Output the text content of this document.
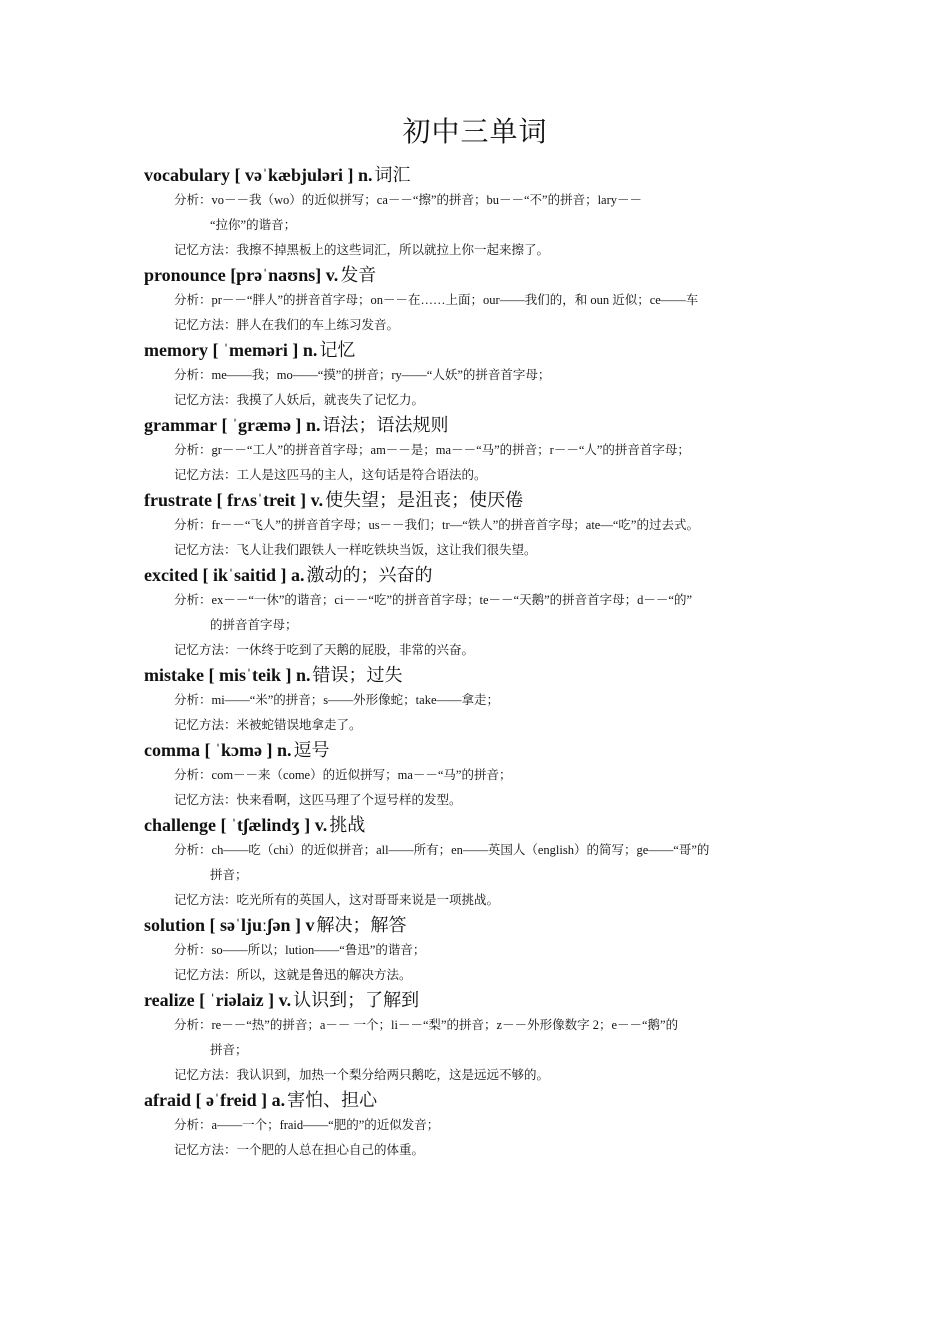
初中三单词

vocabulary [ vəˈkæbjuləri ] n. 词汇

分析：vo－－我（wo）的近似拼写；ca－－“擦”的拼音；bu－－“不”的拼音；lary－－
“拉你”的谐音；

记忆方法：我擦不掉黑板上的这些词汇，所以就拉上你一起来擦了。

pronounce [prəˈnaʊns] v. 发音

分析：pr－－“胖人”的拼音首字母；on－－在……上面；our——我们的，和 oun 近似；ce——车

记忆方法：胖人在我们的车上练习发音。

memory [ ˈmeməri ] n. 记忆

分析：me——我；mo——“摸”的拼音；ry——“人妖”的拼音首字母；

记忆方法：我摸了人妖后，就丧失了记忆力。

grammar [ ˈgræmə ] n. 语法；语法规则

分析：gr－－“工人”的拼音首字母；am－－是；ma－－“马”的拼音；r－－“人”的拼音首字母；

记忆方法：工人是这匹马的主人，这句话是符合语法的。

frustrate [ frʌsˈtreit ] v. 使失望；是沮丧；使厌倦

分析：fr－－“飞人”的拼音首字母；us－－我们；tr—“铁人”的拼音首字母；ate—“吃”的过去式。

记忆方法：飞人让我们跟铁人一样吃铁块当饭，这让我们很失望。

excited [ ikˈsaitid ] a. 激动的；兴奋的

分析：ex－－“一休”的谐音；ci－－“吃”的拼音首字母；te－－“天鹅”的拼音首字母；d－－“的”
的拼音首字母；

记忆方法：一休终于吃到了天鹅的屁股，非常的兴奋。

mistake [ misˈteik ] n. 错误；过失

分析：mi——“米”的拼音；s——外形像蛇；take——拿走；

记忆方法：米被蛇错误地拿走了。

comma [ ˈkɔmə ] n. 逗号

分析：com－－来（come）的近似拼写；ma－－“马”的拼音；

记忆方法：快来看啊，这匹马理了个逗号样的发型。

challenge [ ˈtʃælindʒ ] v. 挑战

分析：ch——吃（chi）的近似拼音；all——所有；en——英国人（english）的简写；ge——“哥”的
拼音；

记忆方法：吃光所有的英国人，这对哥哥来说是一项挑战。

solution [ səˈljuːʃən ] v 解决；解答

分析：so——所以；lution——“鲁迅”的谐音；

记忆方法：所以，这就是鲁迅的解决方法。

realize [ ˈriəlaiz ] v. 认识到；了解到

分析：re－－“热”的拼音；a－－ 一个；li－－“梨”的拼音；z－－外形像数字 2；e－－“鹅”的
拼音；

记忆方法：我认识到，加热一个梨分给两只鹅吃，这是远远不够的。

afraid [ əˈfreid ] a. 害怕、担心

分析：a——一个；fraid——“肥的”的近似发音；

记忆方法：一个肥的人总在担心自己的体重。
